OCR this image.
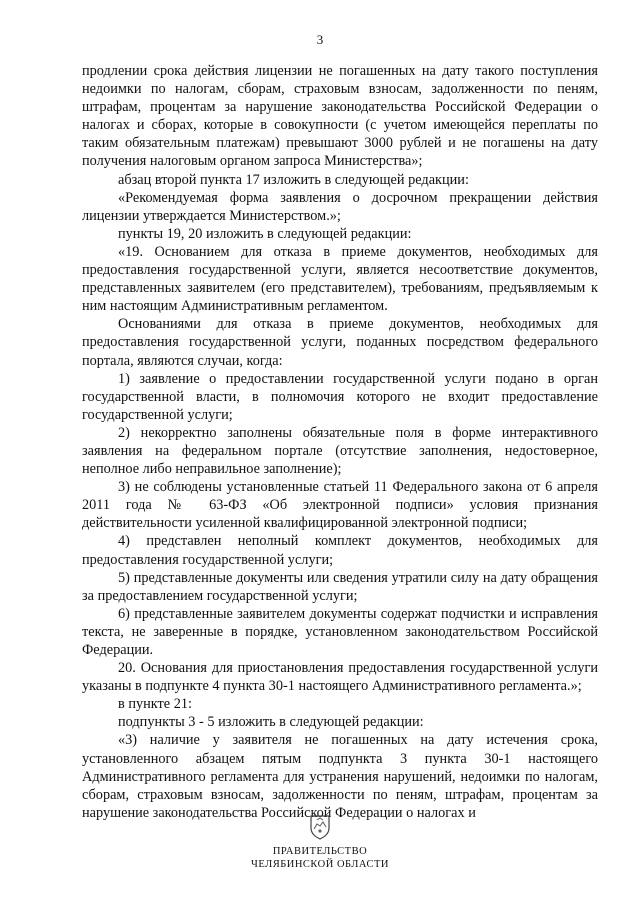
3

продлении срока действия лицензии не погашенных на дату такого поступления недоимки по налогам, сборам, страховым взносам, задолженности по пеням, штрафам, процентам за нарушение законодательства Российской Федерации о налогах и сборах, которые в совокупности (с учетом имеющейся переплаты по таким обязательным платежам) превышают 3000 рублей и не погашены на дату получения налоговым органом запроса Министерства»;

абзац второй пункта 17 изложить в следующей редакции:

«Рекомендуемая форма заявления о досрочном прекращении действия лицензии утверждается Министерством.»;

пункты 19, 20 изложить в следующей редакции:

«19. Основанием для отказа в приеме документов, необходимых для предоставления государственной услуги, является несоответствие документов, представленных заявителем (его представителем), требованиям, предъявляемым к ним настоящим Административным регламентом.

Основаниями для отказа в приеме документов, необходимых для предоставления государственной услуги, поданных посредством федерального портала, являются случаи, когда:

1) заявление о предоставлении государственной услуги подано в орган государственной власти, в полномочия которого не входит предоставление государственной услуги;

2) некорректно заполнены обязательные поля в форме интерактивного заявления на федеральном портале (отсутствие заполнения, недостоверное, неполное либо неправильное заполнение);

3) не соблюдены установленные статьей 11 Федерального закона от 6 апреля 2011 года № 63-ФЗ «Об электронной подписи» условия признания действительности усиленной квалифицированной электронной подписи;

4) представлен неполный комплект документов, необходимых для предоставления государственной услуги;

5) представленные документы или сведения утратили силу на дату обращения за предоставлением государственной услуги;

6) представленные заявителем документы содержат подчистки и исправления текста, не заверенные в порядке, установленном законодательством Российской Федерации.

20. Основания для приостановления предоставления государственной услуги указаны в подпункте 4 пункта 30-1 настоящего Административного регламента.»;

в пункте 21:

подпункты 3 - 5 изложить в следующей редакции:

«3) наличие у заявителя не погашенных на дату истечения срока, установленного абзацем пятым подпункта 3 пункта 30-1 настоящего Административного регламента для устранения нарушений, недоимки по налогам, сборам, страховым взносам, задолженности по пеням, штрафам, процентам за нарушение законодательства Российской Федерации о налогах и

ПРАВИТЕЛЬСТВО
ЧЕЛЯБИНСКОЙ ОБЛАСТИ
